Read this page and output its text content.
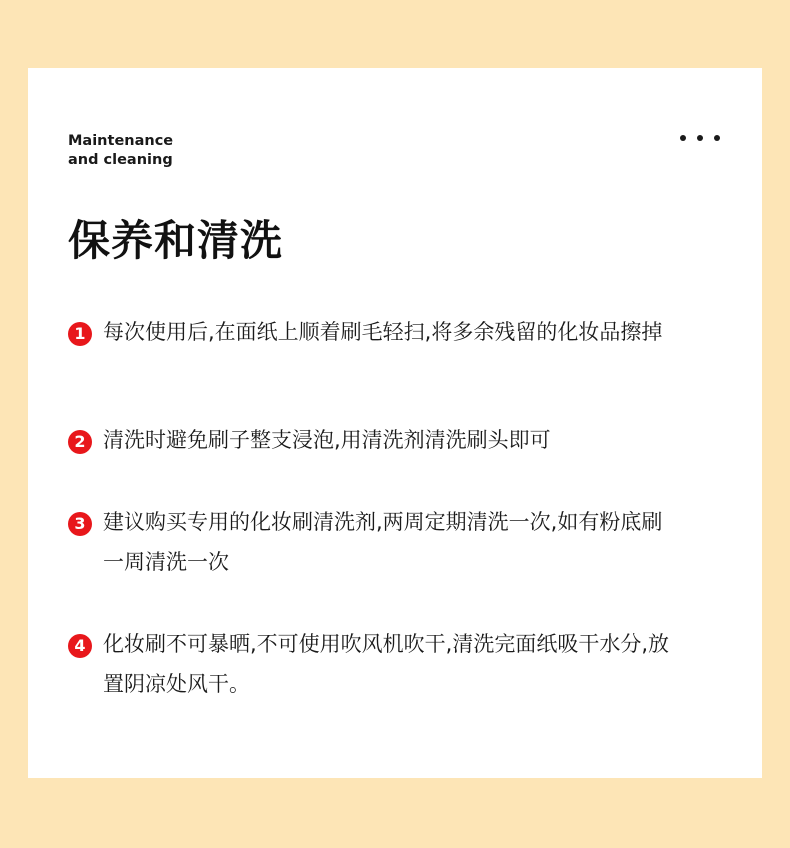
Maintenance
and cleaning
保养和清洗
1 每次使用后,在面纸上顺着刷毛轻扫,将多余残留的化妆品擦掉

2 清洗时避免刷子整支浸泡,用清洗剂清洗刷头即可

3 建议购买专用的化妆刷清洗剂,两周定期清洗一次,如有粉底刷一周清洗一次

4 化妆刷不可暴晒,不可使用吹风机吹干,清洗完面纸吸干水分,放置阴凉处风干。
